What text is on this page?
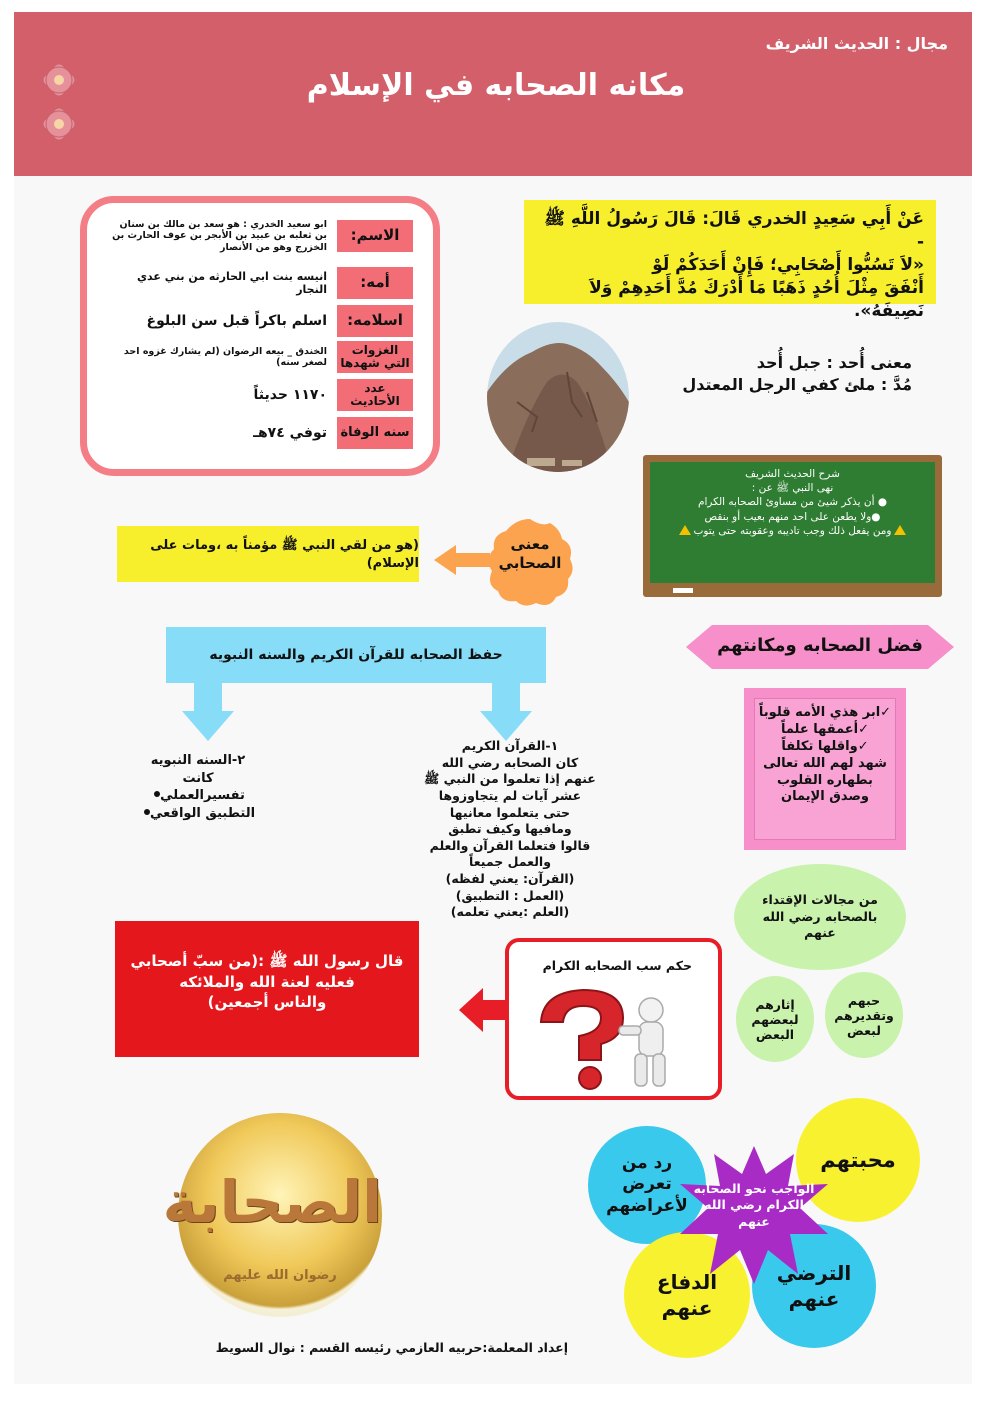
مجال : الحديث الشريف
مكانه الصحابه في الإسلام
عَنْ أَبِي سَعِيدٍ الخدري قَالَ: قَالَ رَسُولُ اللَّهِ ﷺ -
«لاَ تَسُبُّوا أَصْحَابِي؛ فَإِنْ أَحَدَكُمْ لَوْ
أَنْفَقَ مِثْلَ أُحُدٍ ذَهَبًا مَا أَدْرَكَ مُدَّ أَحَدِهِمْ وَلاَ نَصِيفَهُ».
الاسم:
ابو سعيد الخدري : هو سعد بن مالك بن سنان بن ثعلبه بن عبيد بن الأبجر بن عوف الحارث بن الخزرج وهو من الأنصار
أمه:
انيسه بنت ابي الحارثه من بني عدي النجار
اسلامه:
اسلم باكراً قبل سن البلوغ
الغزوات التي شهدها
الخندق _ بيعه الرضوان (لم يشارك غزوه احد لصغر سنه)
عدد الأحاديث
١١٧٠ حديثاً
سنه الوفاة
توفي ٧٤هـ
معنى أُحد : جبل أُحد
مُدَّ : ملئ كفي الرجل المعتدل

شرح الحديث الشريف

نهى النبي ﷺ عن :

● أن يذكر شيئ من مساوئ الصحابه الكرام

●ولا يطعن على احد منهم بعيب أو بنقص

ومن يفعل ذلك وجب تاديبه وعقوبته حتى يتوب

(هو من لقي النبي ﷺ مؤمناً به ،ومات على الإسلام)
معنى
الصحابي
حفظ الصحابه للقرآن الكريم والسنه النبويه
١-القرآن الكريم
كان الصحابه رضي الله
عنهم إذا تعلموا من النبي ﷺ
عشر آيات لم يتجاوزوها
حتى يتعلموا معانيها
ومافيها وكيف تطبق
قالوا فتعلما القرآن والعلم
والعمل جميعاً
(القرآن: يعني لفظه)
(العمل : التطبيق)
(العلم :يعني تعلمه)
٢-السنه النبويه
كانت
تفسيرالعملي
التطبيق الواقعي
فضل الصحابه ومكانتهم
✓ابر هذي الأمه قلوباً
✓أعمقها علماً
✓واقلها تكلفاً
شهد لهم الله تعالى
بطهاره القلوب
وصدق الإيمان
من مجالات الإقتداء بالصحابه رضي الله عنهم
حبهم وتقديرهم لبعض
إثارهم لبعضهم البعض
حكم سب الصحابه الكرام
قال رسول الله ﷺ :(من سبّ أصحابي
فعليه لعنة الله والملائكه
والناس أجمعين)
الصحابة
رضوان الله عليهم
محبتهم
رد من تعرض لأعراضهم
الدفاع عنهم
الترضي عنهم
الواجب نحو الصحابه الكرام رضي الله عنهم
إعداد المعلمة:حربيه العازمي رئيسه القسم : نوال السويط
